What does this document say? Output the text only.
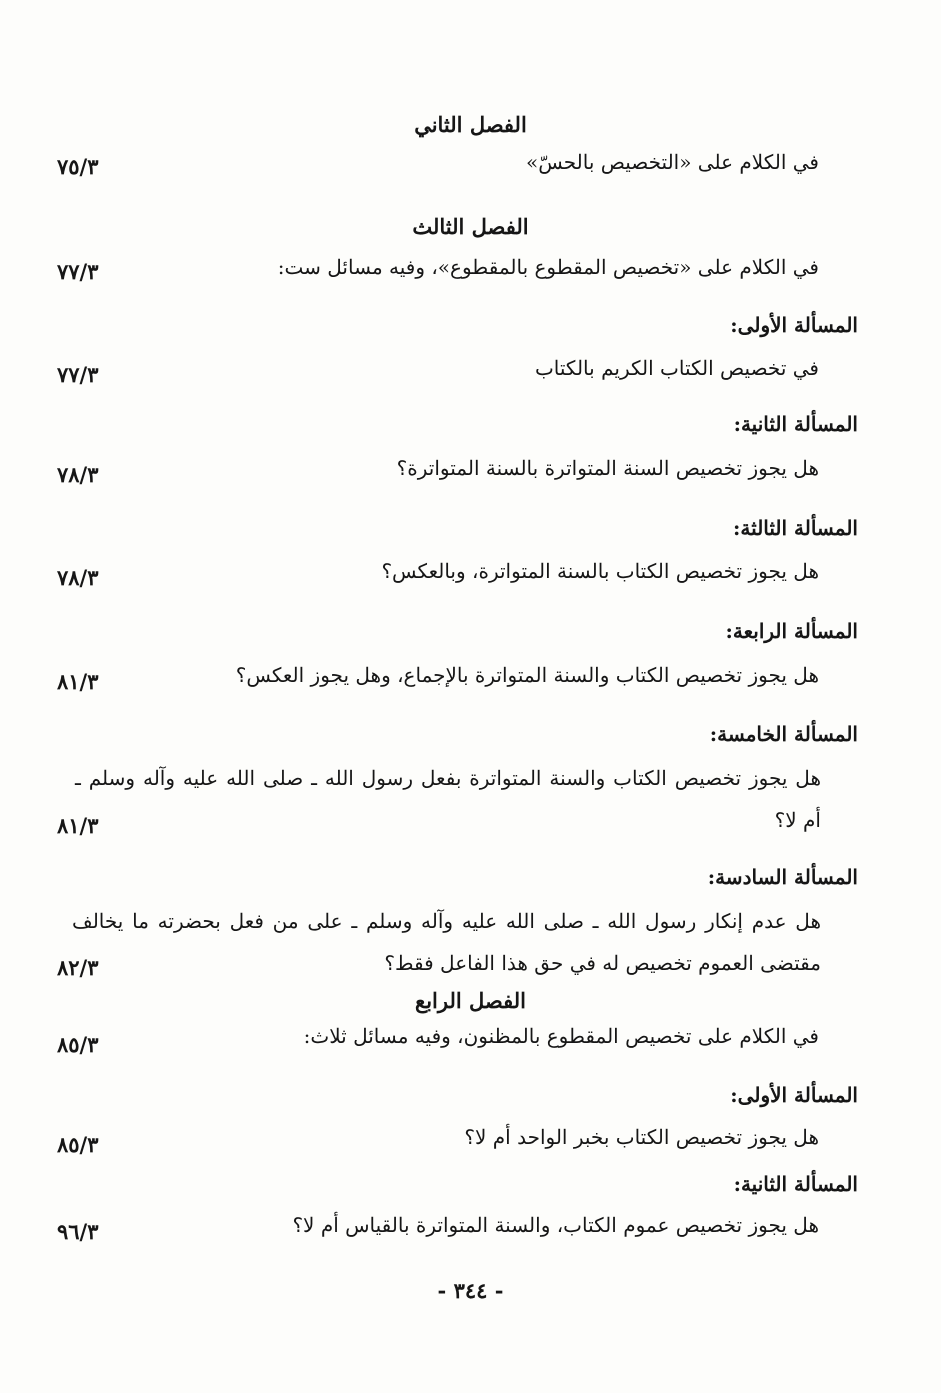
الفصل الثاني
في الكلام على «التخصيص بالحسّ»
٧٥/٣
الفصل الثالث
في الكلام على «تخصيص المقطوع بالمقطوع»، وفيه مسائل ست:
٧٧/٣
المسألة الأولى:
في تخصيص الكتاب الكريم بالكتاب
٧٧/٣
المسألة الثانية:
هل يجوز تخصيص السنة المتواترة بالسنة المتواترة؟
٧٨/٣
المسألة الثالثة:
هل يجوز تخصيص الكتاب بالسنة المتواترة، وبالعكس؟
٧٨/٣
المسألة الرابعة:
هل يجوز تخصيص الكتاب والسنة المتواترة بالإجماع، وهل يجوز العكس؟
٨١/٣
المسألة الخامسة:
هل يجوز تخصيص الكتاب والسنة المتواترة بفعل رسول الله ـ صلى الله عليه وآله وسلم ـ أم لا؟
٨١/٣
المسألة السادسة:
هل عدم إنكار رسول الله ـ صلى الله عليه وآله وسلم ـ على من فعل بحضرته ما يخالف مقتضى العموم تخصيص له في حق هذا الفاعل فقط؟
٨٢/٣
الفصل الرابع
في الكلام على تخصيص المقطوع بالمظنون، وفيه مسائل ثلاث:
٨٥/٣
المسألة الأولى:
هل يجوز تخصيص الكتاب بخبر الواحد أم لا؟
٨٥/٣
المسألة الثانية:
هل يجوز تخصيص عموم الكتاب، والسنة المتواترة بالقياس أم لا؟
٩٦/٣
- ٣٤٤ -
